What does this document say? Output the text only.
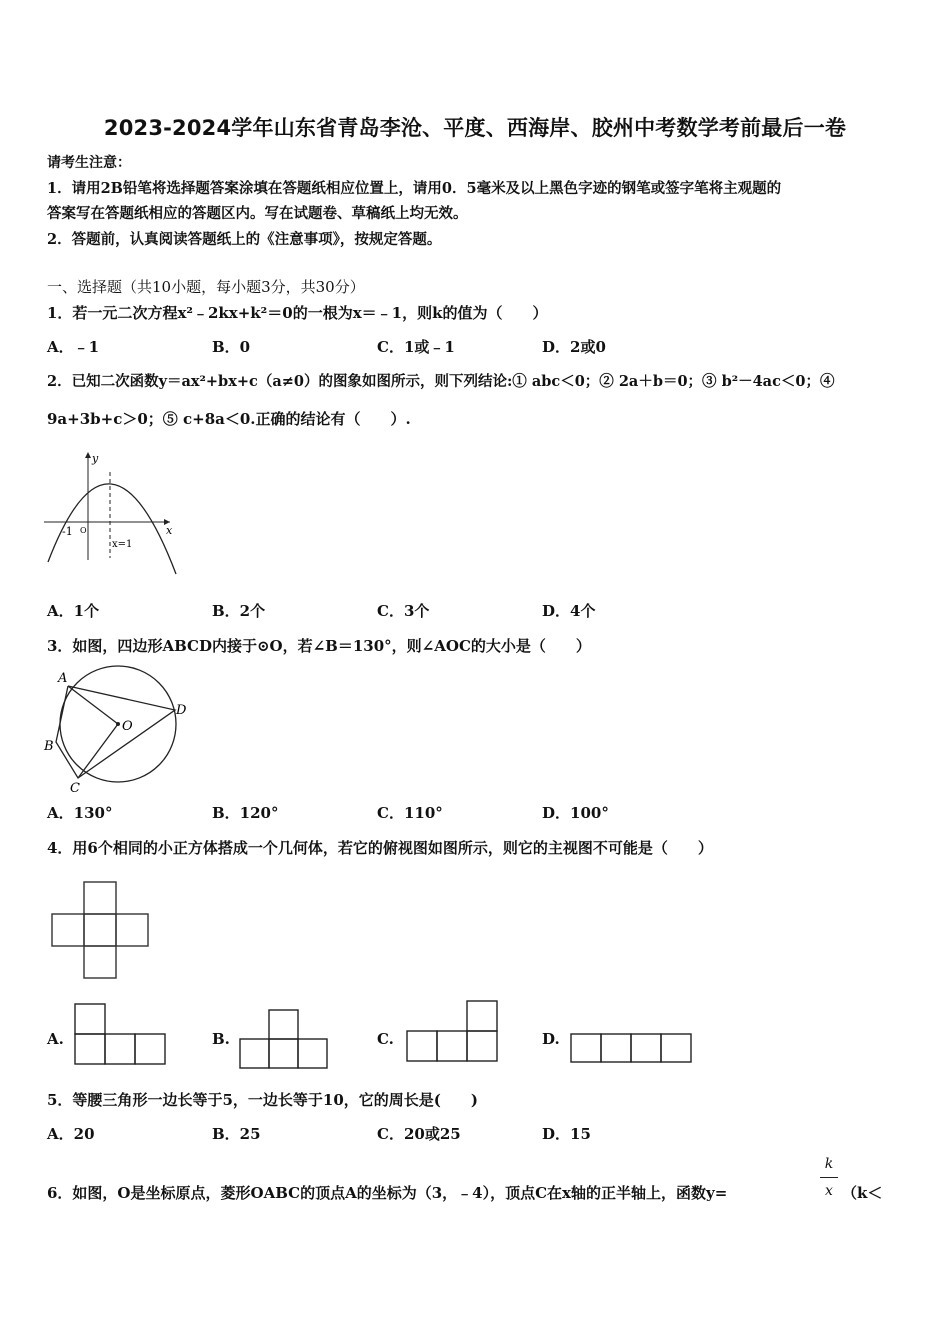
2023-2024学年山东省青岛李沧、平度、西海岸、胶州中考数学考前最后一卷
请考生注意：
1．请用2B铅笔将选择题答案涂填在答题纸相应位置上，请用0．5毫米及以上黑色字迹的钢笔或签字笔将主观题的
答案写在答题纸相应的答题区内。写在试题卷、草稿纸上均无效。
2．答题前，认真阅读答题纸上的《注意事项》，按规定答题。
一、选择题（共10小题，每小题3分，共30分）
1．若一元二次方程x²﹣2kx+k²＝0的一根为x＝﹣1，则k的值为（　　）
A．﹣1	B．0	C．1或﹣1	D．2或0
2．已知二次函数y＝ax²+bx+c（a≠0）的图象如图所示，则下列结论:① abc＜0；② 2a＋b＝0；③ b²－4ac＜0；④
9a+3b+c＞0；⑤ c+8a＜0.正确的结论有（　　）.
y
x
-1 O
x=1
A．1个	B．2个	C．3个	D．4个
3．如图，四边形ABCD内接于⊙O，若∠B＝130°，则∠AOC的大小是（　　）
A
B
C
D
O
A．130°	B．120°	C．110°	D．100°
4．用6个相同的小正方体搭成一个几何体，若它的俯视图如图所示，则它的主视图不可能是（　　）
A.	B.	C.	D.
5．等腰三角形一边长等于5，一边长等于10，它的周长是(　　)
A．20	B．25	C．20或25	D．15
6．如图，O是坐标原点，菱形OABC的顶点A的坐标为（3，﹣4），顶点C在x轴的正半轴上，函数y=
k
x （k＜
